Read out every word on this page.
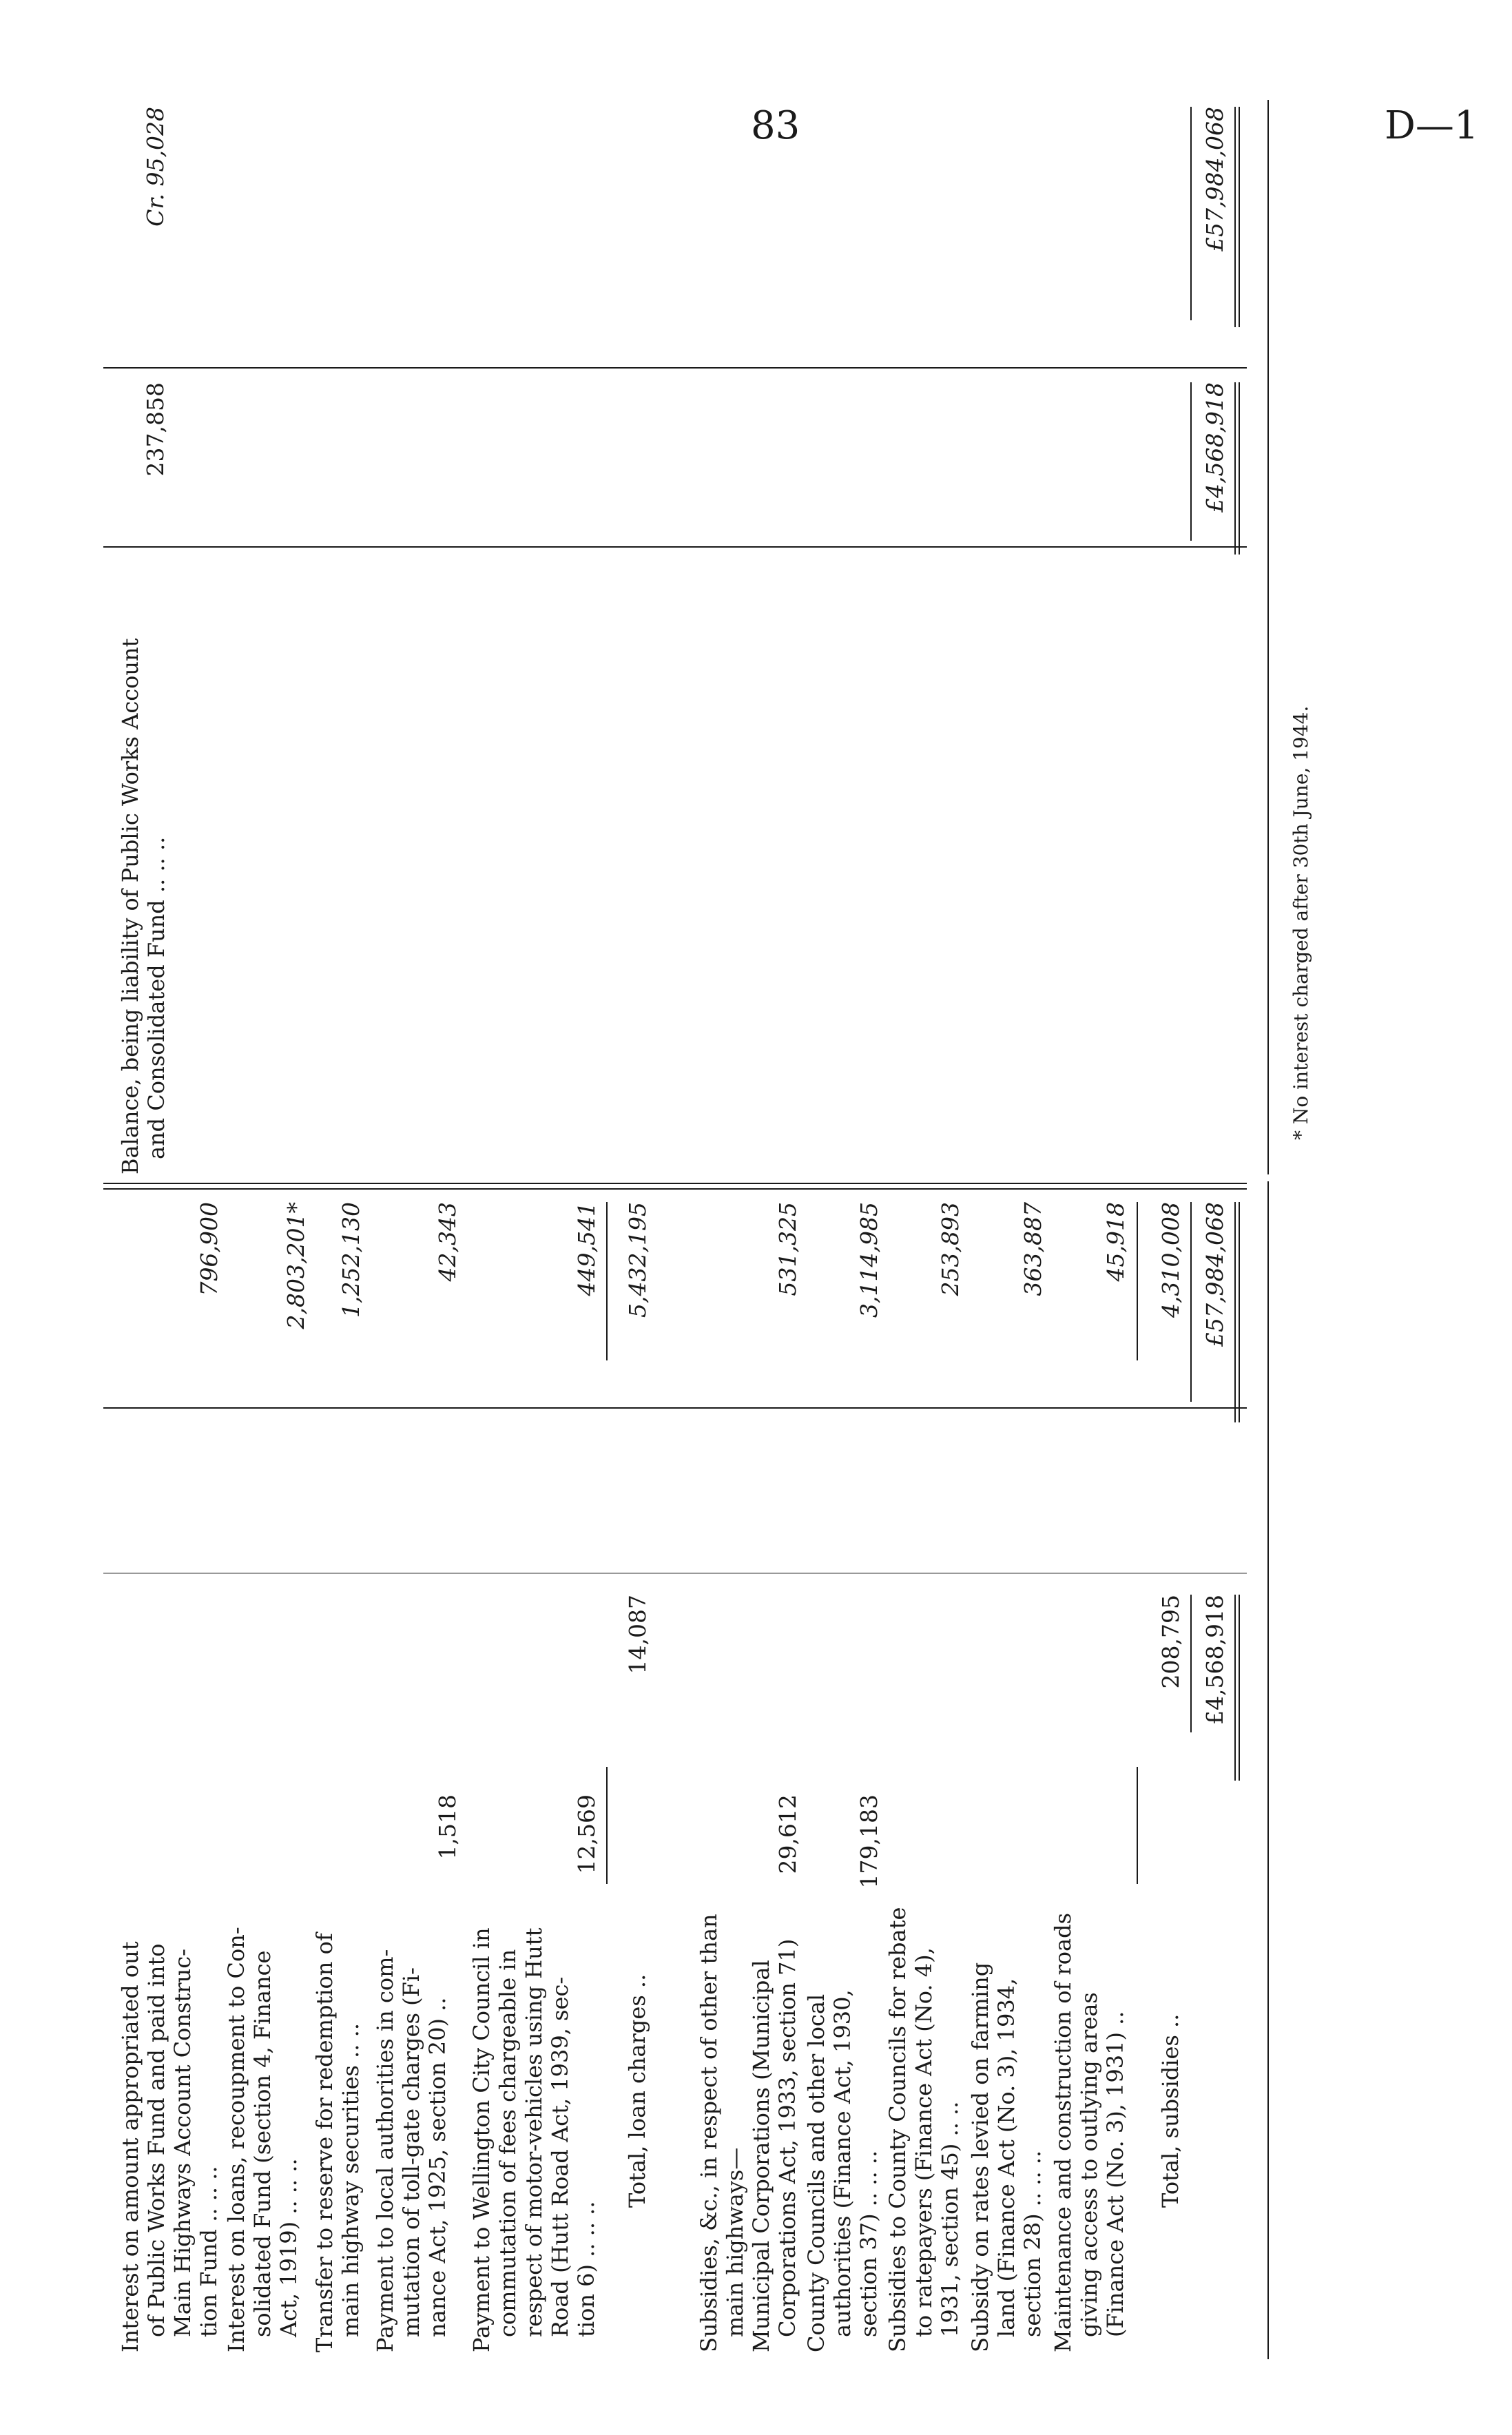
83	D—1
Interest on amount appropriated out of Public Works Fund and paid into Main Highways Account Construc- tion Fund .. .. ..
796,900
Interest on loans, recoupment to Con- solidated Fund (section 4, Finance Act, 1919) .. .. ..
2,803,201*
Transfer to reserve for redemption of main highway securities .. ..
1,252,130
Payment to local authorities in com- mutation of toll-gate charges (Fi- nance Act, 1925, section 20) ..
1,518
42,343
Payment to Wellington City Council in commutation of fees chargeable in respect of motor-vehicles using Hutt Road (Hutt Road Act, 1939, sec- tion 6) .. .. ..
12,569
449,541
Total, loan charges ..
14,087
5,432,195
Subsidies, &c., in respect of other than main highways— Municipal Corporations (Municipal Corporations Act, 1933, section 71)
29,612
531,325
County Councils and other local authorities (Finance Act, 1930, section 37) .. .. ..
179,183
3,114,985
Subsidies to County Councils for rebate to ratepayers (Finance Act (No. 4), 1931, section 45) .. ..
253,893
Subsidy on rates levied on farming land (Finance Act (No. 3), 1934, section 28) .. .. ..
363,887
Maintenance and construction of roads giving access to outlying areas (Finance Act (No. 3), 1931) ..
45,918
Total, subsidies ..
208,795
4,310,008
£4,568,918
£57,984,068
Balance, being liability of Public Works Account and Consolidated Fund .. .. ..
237,858
Cr. 95,028
£4,568,918
£57,984,068
* No interest charged after 30th June, 1944.
